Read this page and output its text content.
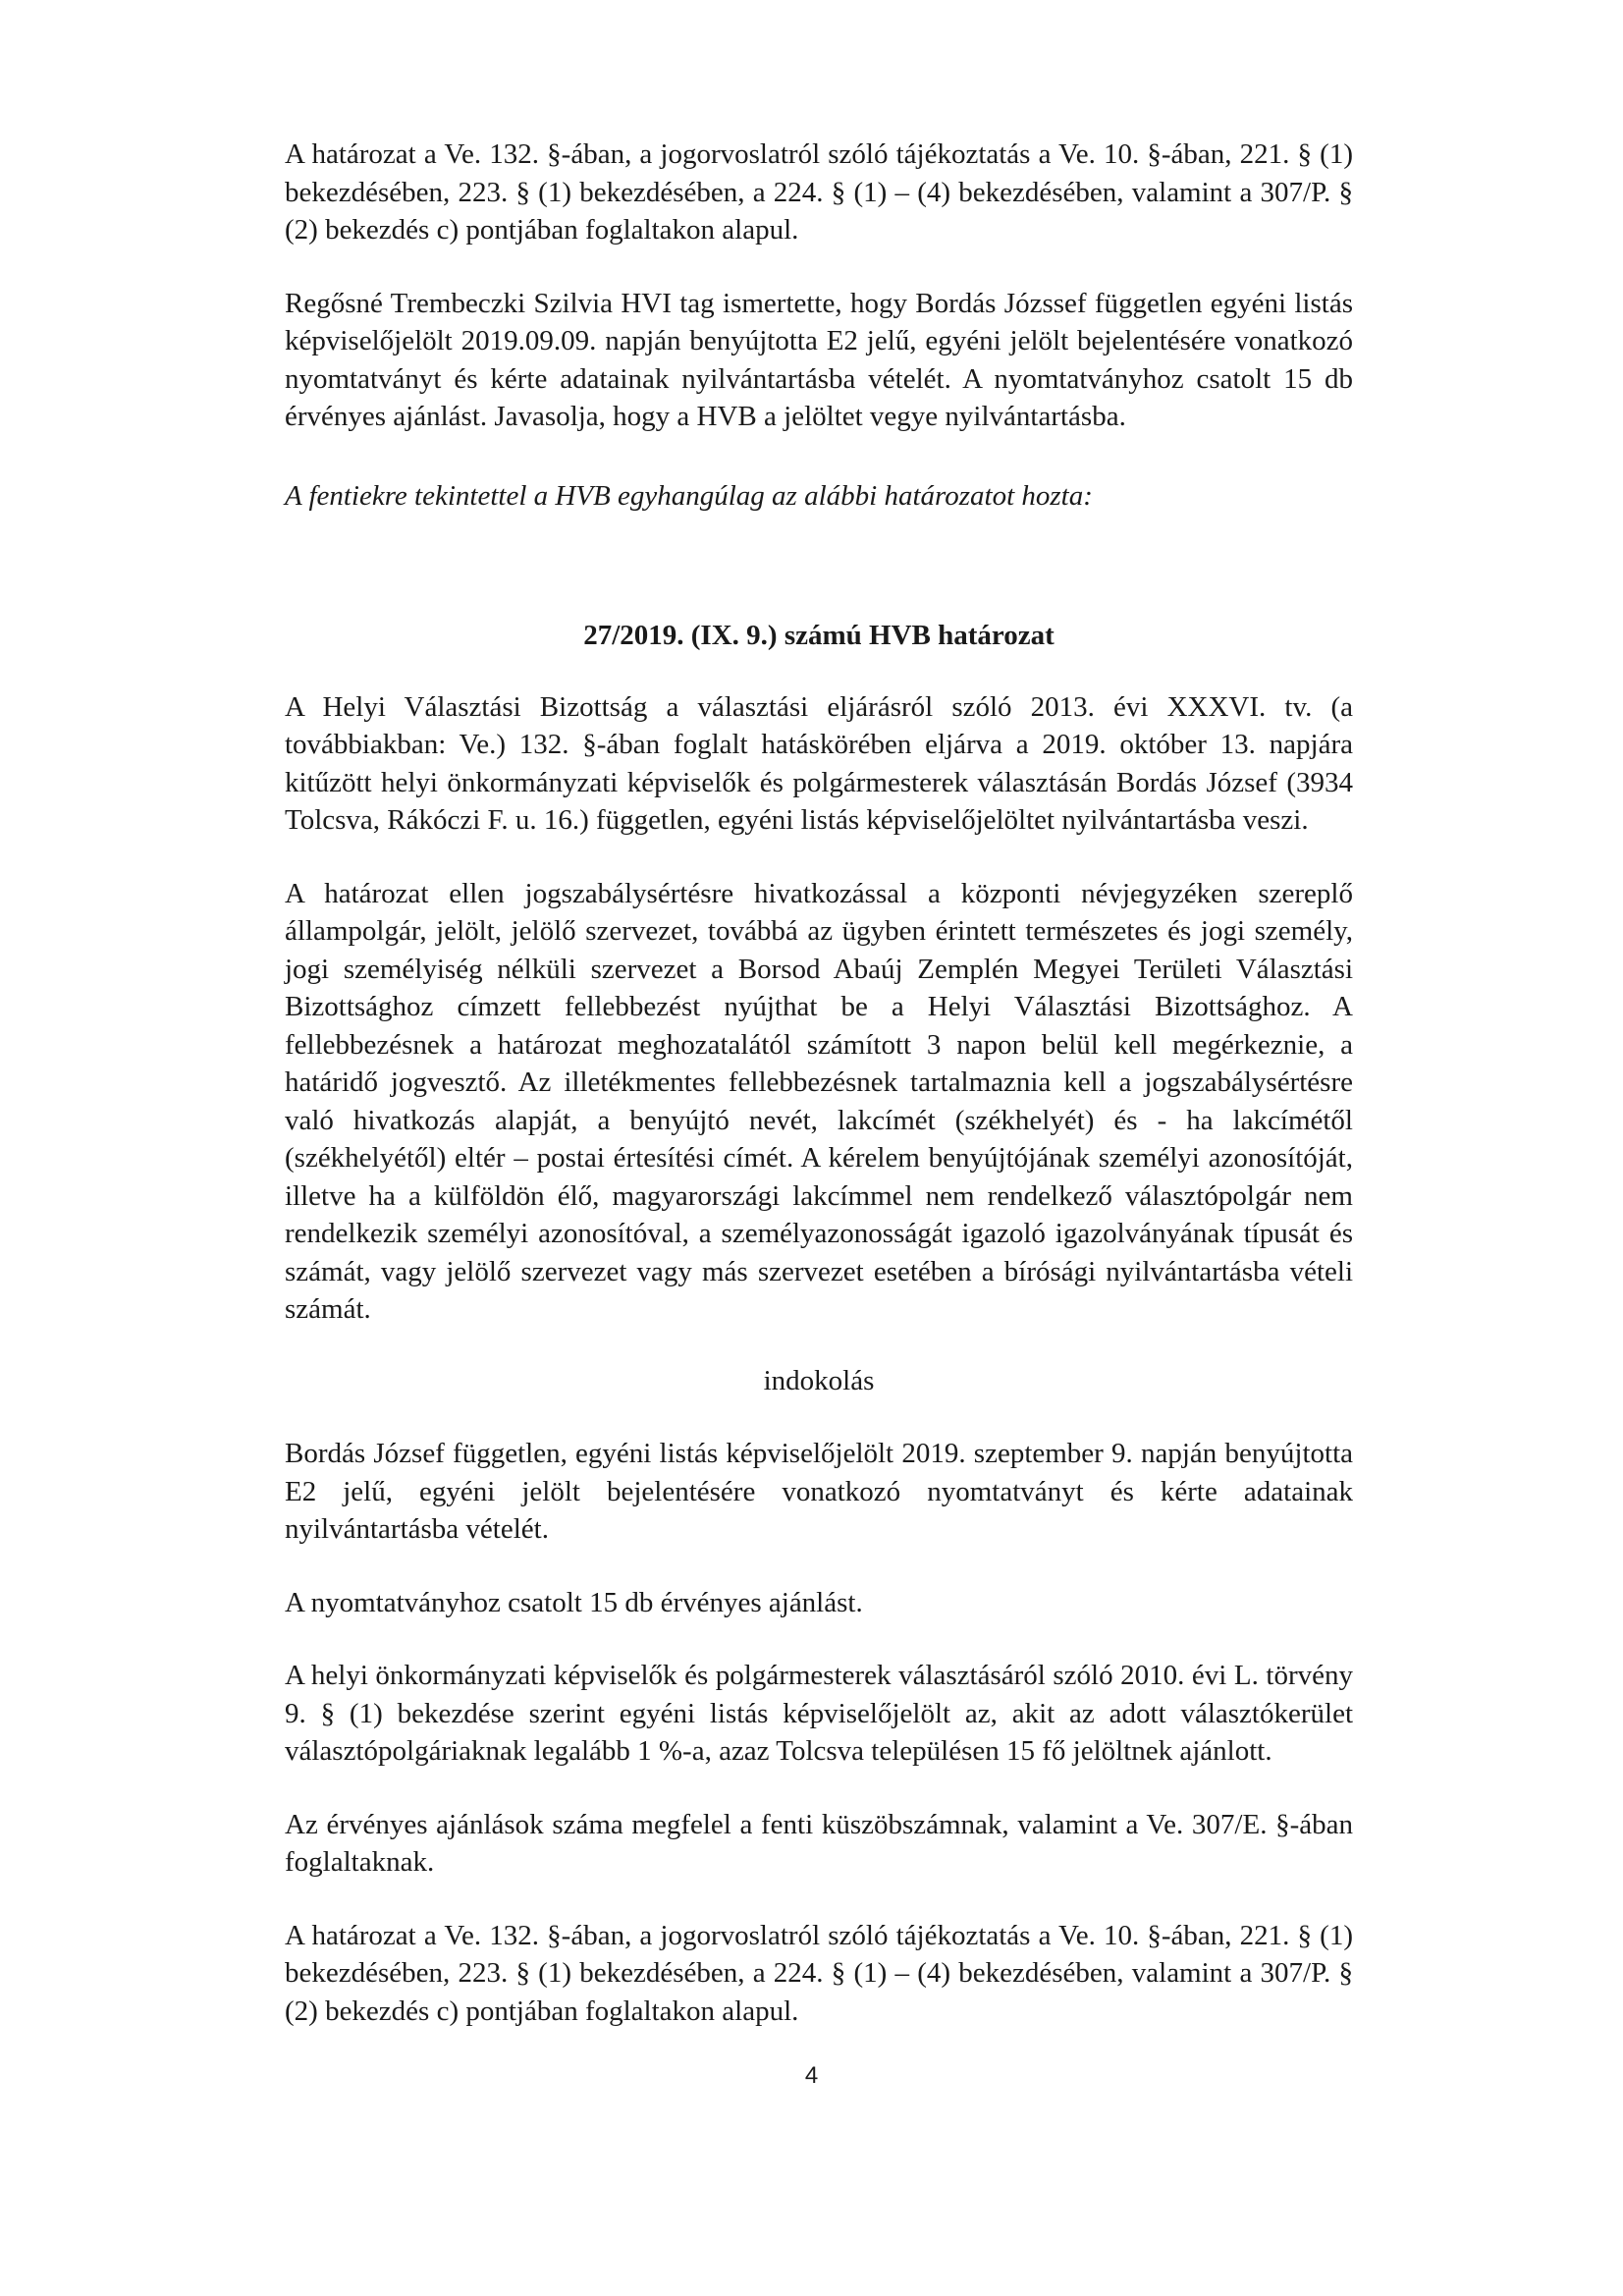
A határozat a Ve. 132. §-ában, a jogorvoslatról szóló tájékoztatás a Ve. 10. §-ában, 221. § (1) bekezdésében, 223. § (1) bekezdésében, a 224. § (1) – (4) bekezdésében, valamint a 307/P. § (2) bekezdés c) pontjában foglaltakon alapul.

Regősné Trembeczki Szilvia HVI tag ismertette, hogy Bordás Józssef független egyéni listás képviselőjelölt 2019.09.09. napján benyújtotta E2 jelű, egyéni jelölt bejelentésére vonatkozó nyomtatványt és kérte adatainak nyilvántartásba vételét. A nyomtatványhoz csatolt 15 db érvényes ajánlást. Javasolja, hogy a HVB a jelöltet vegye nyilvántartásba.

A fentiekre tekintettel a HVB egyhangúlag az alábbi határozatot hozta:

27/2019. (IX. 9.) számú HVB határozat

A Helyi Választási Bizottság a választási eljárásról szóló 2013. évi XXXVI. tv. (a továbbiakban: Ve.) 132. §-ában foglalt hatáskörében eljárva a 2019. október 13. napjára kitűzött helyi önkormányzati képviselők és polgármesterek választásán Bordás József (3934 Tolcsva, Rákóczi F. u. 16.) független, egyéni listás képviselőjelöltet nyilvántartásba veszi.

A határozat ellen jogszabálysértésre hivatkozással a központi névjegyzéken szereplő állampolgár, jelölt, jelölő szervezet, továbbá az ügyben érintett természetes és jogi személy, jogi személyiség nélküli szervezet a Borsod Abaúj Zemplén Megyei Területi Választási Bizottsághoz címzett fellebbezést nyújthat be a Helyi Választási Bizottsághoz. A fellebbezésnek a határozat meghozatalától számított 3 napon belül kell megérkeznie, a határidő jogvesztő. Az illetékmentes fellebbezésnek tartalmaznia kell a jogszabálysértésre való hivatkozás alapját, a benyújtó nevét, lakcímét (székhelyét) és - ha lakcímétől (székhelyétől) eltér – postai értesítési címét. A kérelem benyújtójának személyi azonosítóját, illetve ha a külföldön élő, magyarországi lakcímmel nem rendelkező választópolgár nem rendelkezik személyi azonosítóval, a személyazonosságát igazoló igazolványának típusát és számát, vagy jelölő szervezet vagy más szervezet esetében a bírósági nyilvántartásba vételi számát.

indokolás

Bordás József független, egyéni listás képviselőjelölt 2019. szeptember 9. napján benyújtotta E2 jelű, egyéni jelölt bejelentésére vonatkozó nyomtatványt és kérte adatainak nyilvántartásba vételét.

A nyomtatványhoz csatolt 15 db érvényes ajánlást.

A helyi önkormányzati képviselők és polgármesterek választásáról szóló 2010. évi L. törvény 9. § (1) bekezdése szerint egyéni listás képviselőjelölt az, akit az adott választókerület választópolgáriaknak legalább 1 %-a, azaz Tolcsva településen 15 fő jelöltnek ajánlott.

Az érvényes ajánlások száma megfelel a fenti küszöbszámnak, valamint a Ve. 307/E. §-ában foglaltaknak.

A határozat a Ve. 132. §-ában, a jogorvoslatról szóló tájékoztatás a Ve. 10. §-ában, 221. § (1) bekezdésében, 223. § (1) bekezdésében, a 224. § (1) – (4) bekezdésében, valamint a 307/P. § (2) bekezdés c) pontjában foglaltakon alapul.

4
